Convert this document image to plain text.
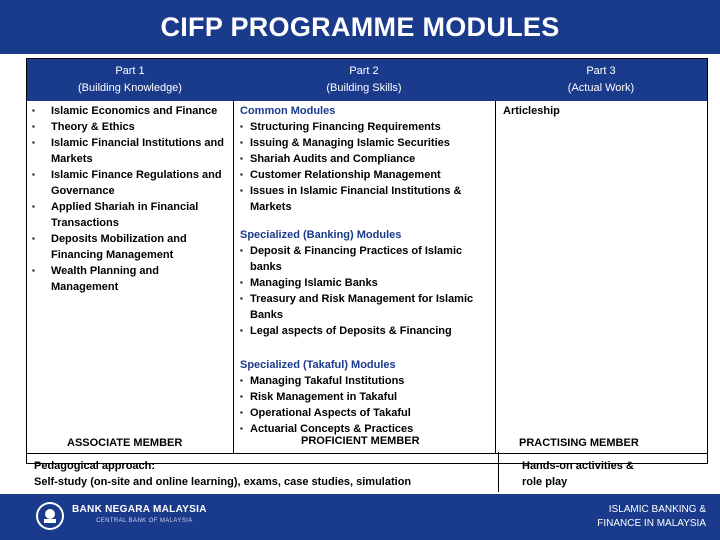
CIFP PROGRAMME MODULES
Part 1
(Building Knowledge)
Part 2
(Building Skills)
Part 3
(Actual Work)
▪ Islamic Economics and Finance
▪ Theory & Ethics
▪ Islamic Financial Institutions and Markets
▪ Islamic Finance Regulations and Governance
▪ Applied Shariah in Financial Transactions
▪ Deposits Mobilization and Financing Management
▪ Wealth Planning and Management
Common Modules
▪ Structuring Financing Requirements
▪ Issuing & Managing Islamic Securities
▪ Shariah Audits and Compliance
▪ Customer Relationship Management
▪ Issues in Islamic Financial Institutions & Markets
Specialized (Banking) Modules
▪ Deposit & Financing Practices of Islamic banks
▪ Managing Islamic Banks
▪ Treasury and Risk Management for Islamic Banks
▪ Legal aspects of Deposits & Financing
Specialized (Takaful) Modules
▪ Managing Takaful Institutions
▪ Risk Management in Takaful
▪ Operational Aspects of Takaful
▪ Actuarial Concepts & Practices
Articleship
ASSOCIATE MEMBER	PROFICIENT MEMBER	PRACTISING MEMBER
Pedagogical approach:
Self-study (on-site and online learning), exams, case studies, simulation
Hands-on activities &
role play
BANK NEGARA MALAYSIA
CENTRAL BANK OF MALAYSIA
ISLAMIC BANKING &
FINANCE IN MALAYSIA
